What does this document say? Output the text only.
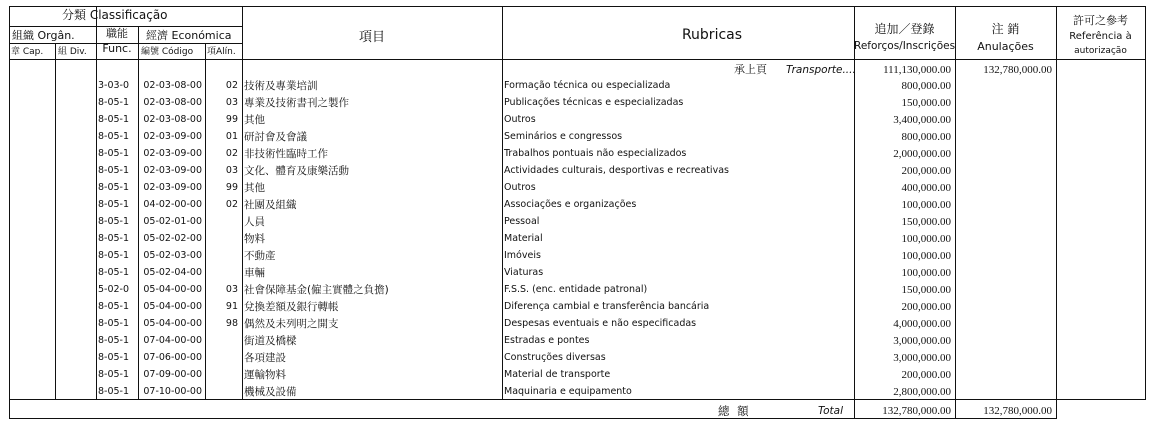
分類 Classificação
組織 Orgân.	職能
Func.
經濟 Económica
章 Cap. 組 Div.	編號 Código 項Alín.
項目	Rubricas	追加／登錄
Reforços/Inscrições
注 銷
Anulações
許可之參考
Referência à
autorização
承上頁 Transporte....	111,130,000.00	132,780,000.00
3-03-0	02-03-08-00	02 技術及專業培訓	Formação técnica ou especializada	800,000.00
8-05-1	02-03-08-00	03 專業及技術書刊之製作	Publicações técnicas e especializadas	150,000.00
8-05-1	02-03-08-00	99 其他	Outros	3,400,000.00
8-05-1	02-03-09-00	01 研討會及會議	Seminários e congressos	800,000.00
8-05-1	02-03-09-00	02 非技術性臨時工作	Trabalhos pontuais não especializados	2,000,000.00
8-05-1	02-03-09-00	03 文化、體育及康樂活動	Actividades culturais, desportivas e recreativas	200,000.00
8-05-1	02-03-09-00	99 其他	Outros	400,000.00
8-05-1	04-02-00-00	02 社團及組織	Associações e organizações	100,000.00
8-05-1	05-02-01-00	人員	Pessoal	150,000.00
8-05-1	05-02-02-00	物料	Material	100,000.00
8-05-1	05-02-03-00	不動產	Imóveis	100,000.00
8-05-1	05-02-04-00	車輛	Viaturas	100,000.00
5-02-0	05-04-00-00	03 社會保障基金(僱主實體之負擔)	F.S.S. (enc. entidade patronal)	150,000.00
8-05-1	05-04-00-00	91 兌換差額及銀行轉帳	Diferença cambial e transferência bancária	200,000.00
8-05-1	05-04-00-00	98 偶然及未列明之開支	Despesas eventuais e não especificadas	4,000,000.00
8-05-1	07-04-00-00	街道及橋樑	Estradas e pontes	3,000,000.00
8-05-1	07-06-00-00	各項建設	Construções diversas	3,000,000.00
8-05-1	07-09-00-00	運輸物料	Material de transporte	200,000.00
8-05-1	07-10-00-00	機械及設備	Maquinaria e equipamento	2,800,000.00
總 額	Total	132,780,000.00	132,780,000.00
